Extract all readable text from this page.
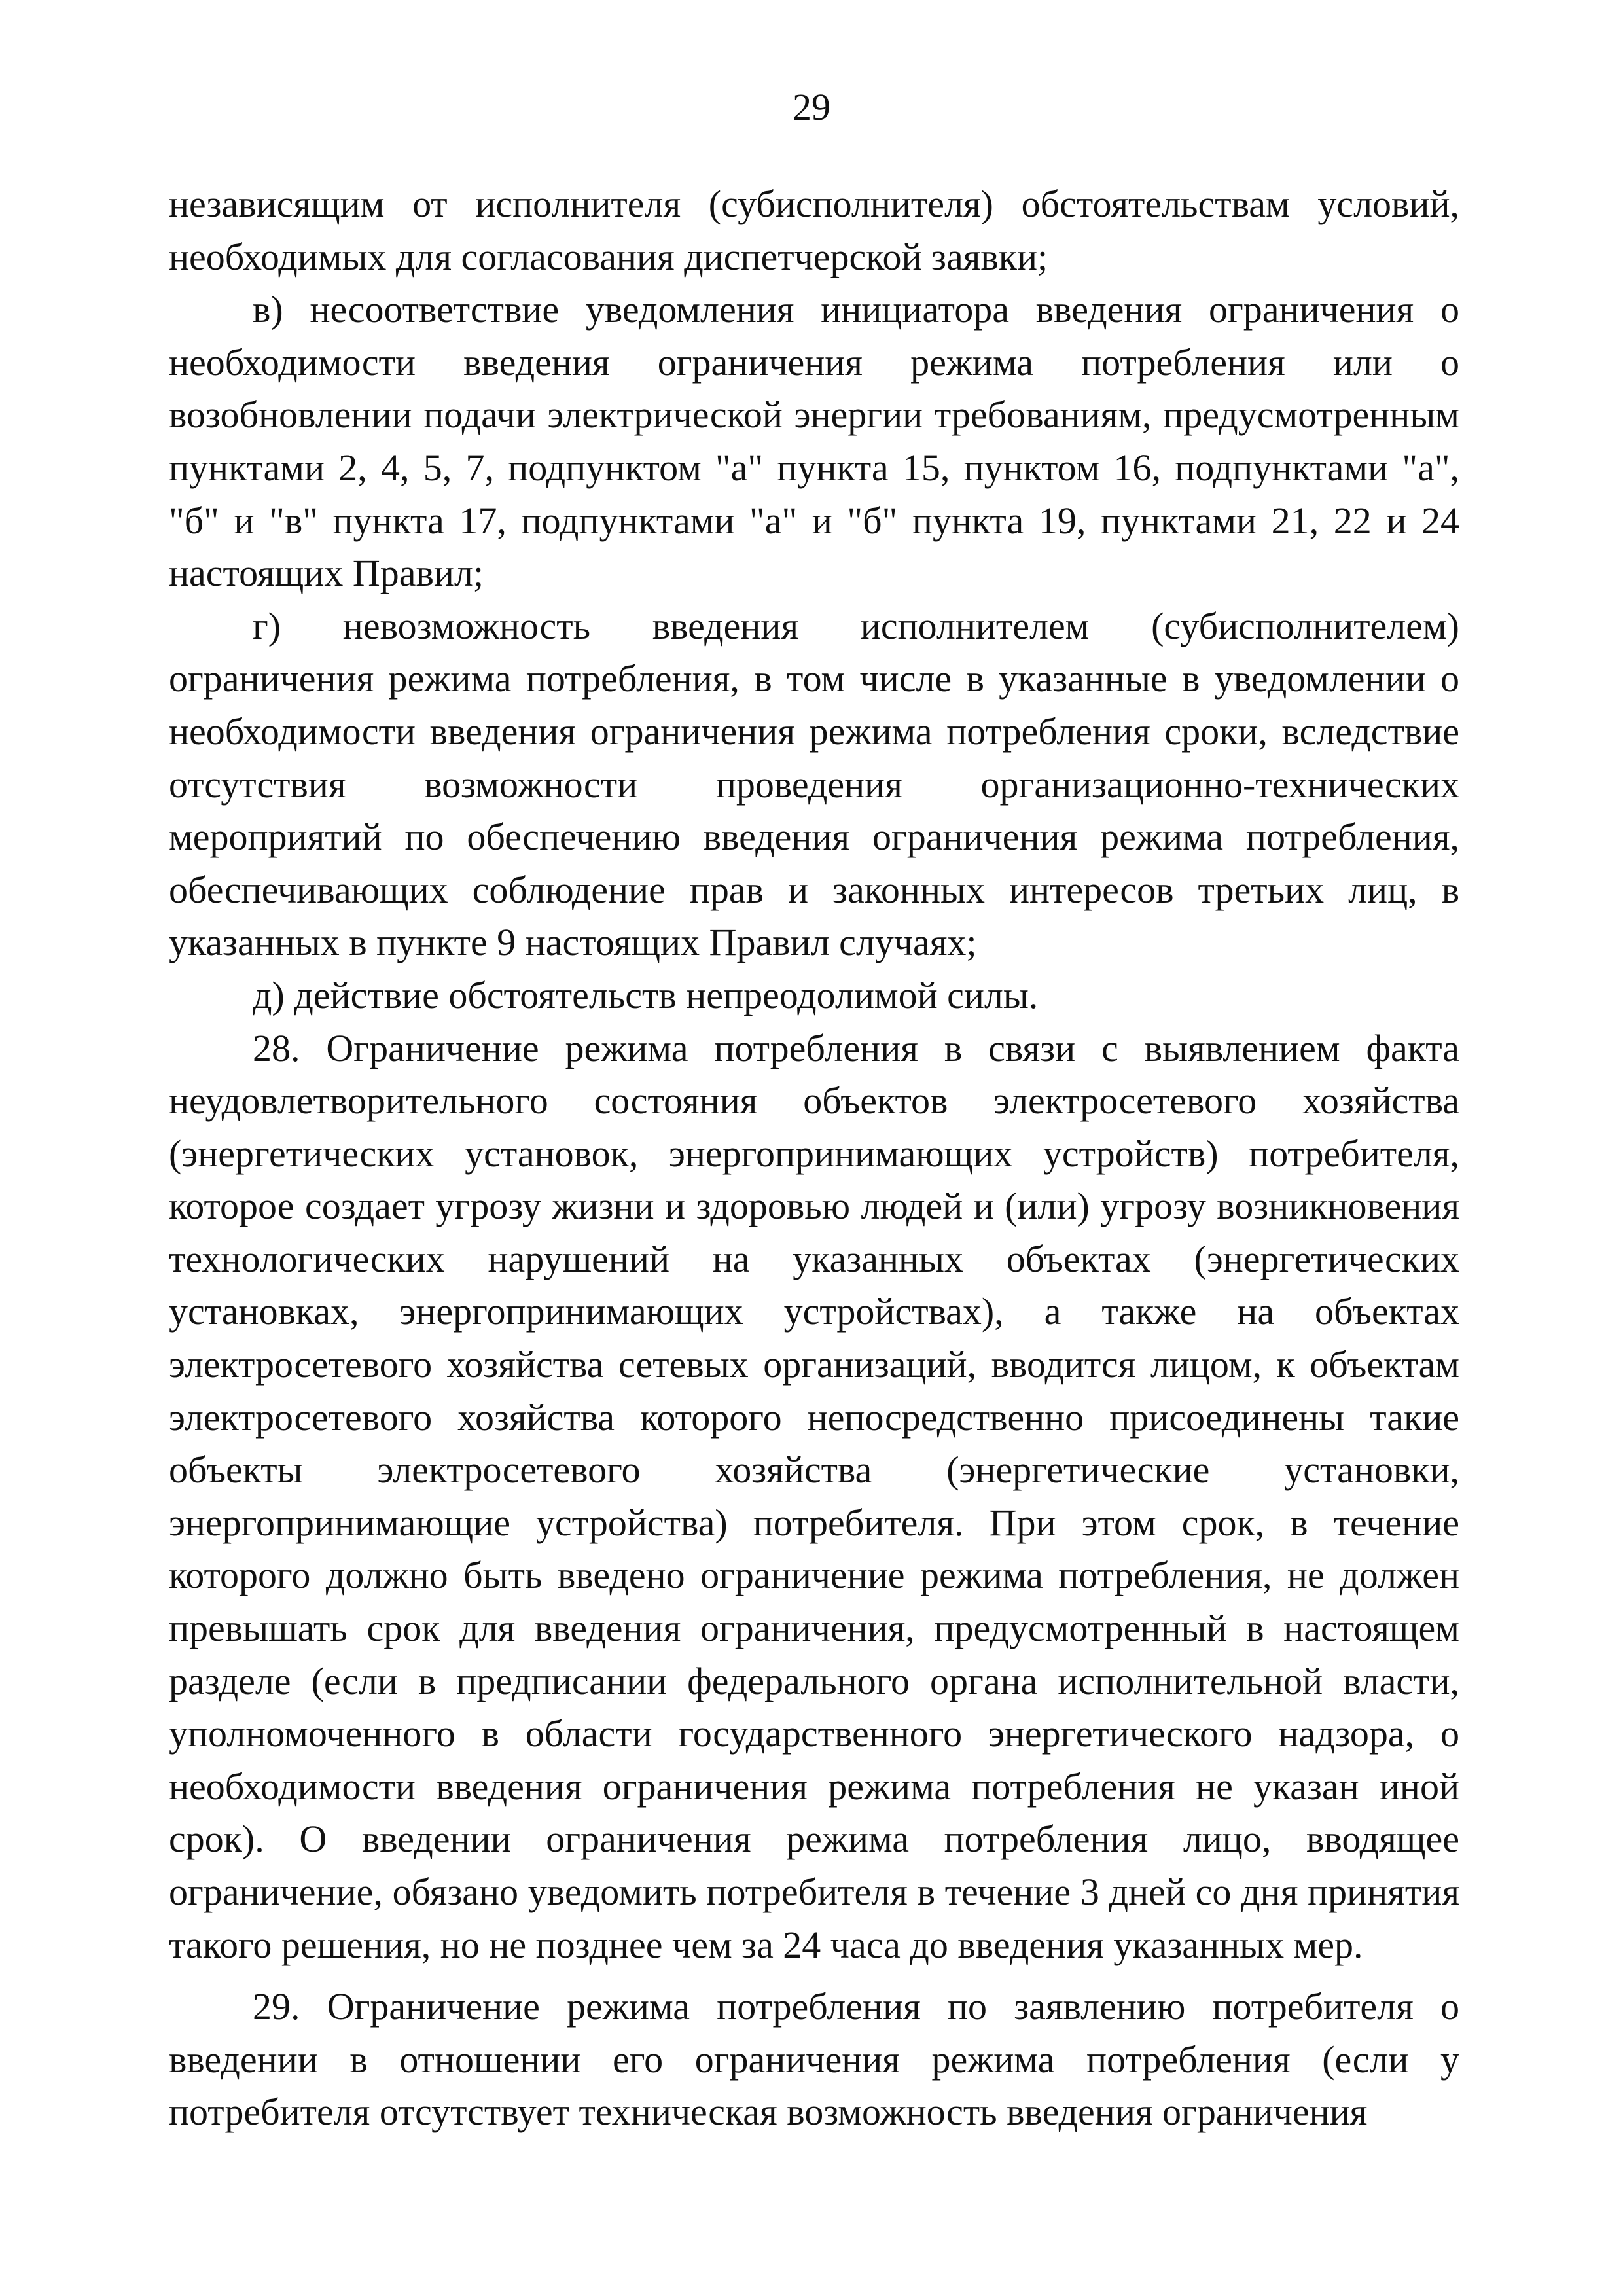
29

независящим от исполнителя (субисполнителя) обстоятельствам условий, необходимых для согласования диспетчерской заявки;

в) несоответствие уведомления инициатора введения ограничения о необходимости введения ограничения режима потребления или о возобновлении подачи электрической энергии требованиям, предусмотренным пунктами 2, 4, 5, 7, подпунктом "а" пункта 15, пунктом 16, подпунктами "а", "б" и "в" пункта 17, подпунктами "а" и "б" пункта 19, пунктами 21, 22 и 24 настоящих Правил;

г) невозможность введения исполнителем (субисполнителем) ограничения режима потребления, в том числе в указанные в уведомлении о необходимости введения ограничения режима потребления сроки, вследствие отсутствия возможности проведения организационно-технических мероприятий по обеспечению введения ограничения режима потребления, обеспечивающих соблюдение прав и законных интересов третьих лиц, в указанных в пункте 9 настоящих Правил случаях;

д) действие обстоятельств непреодолимой силы.

28. Ограничение режима потребления в связи с выявлением факта неудовлетворительного состояния объектов электросетевого хозяйства (энергетических установок, энергопринимающих устройств) потребителя, которое создает угрозу жизни и здоровью людей и (или) угрозу возникновения технологических нарушений на указанных объектах (энергетических установках, энергопринимающих устройствах), а также на объектах электросетевого хозяйства сетевых организаций, вводится лицом, к объектам электросетевого хозяйства которого непосредственно присоединены такие объекты электросетевого хозяйства (энергетические установки, энергопринимающие устройства) потребителя. При этом срок, в течение которого должно быть введено ограничение режима потребления, не должен превышать срок для введения ограничения, предусмотренный в настоящем разделе (если в предписании федерального органа исполнительной власти, уполномоченного в области государственного энергетического надзора, о необходимости введения ограничения режима потребления не указан иной срок). О введении ограничения режима потребления лицо, вводящее ограничение, обязано уведомить потребителя в течение 3 дней со дня принятия такого решения, но не позднее чем за 24 часа до введения указанных мер.

29. Ограничение режима потребления по заявлению потребителя о введении в отношении его ограничения режима потребления (если у потребителя отсутствует техническая возможность введения ограничения
